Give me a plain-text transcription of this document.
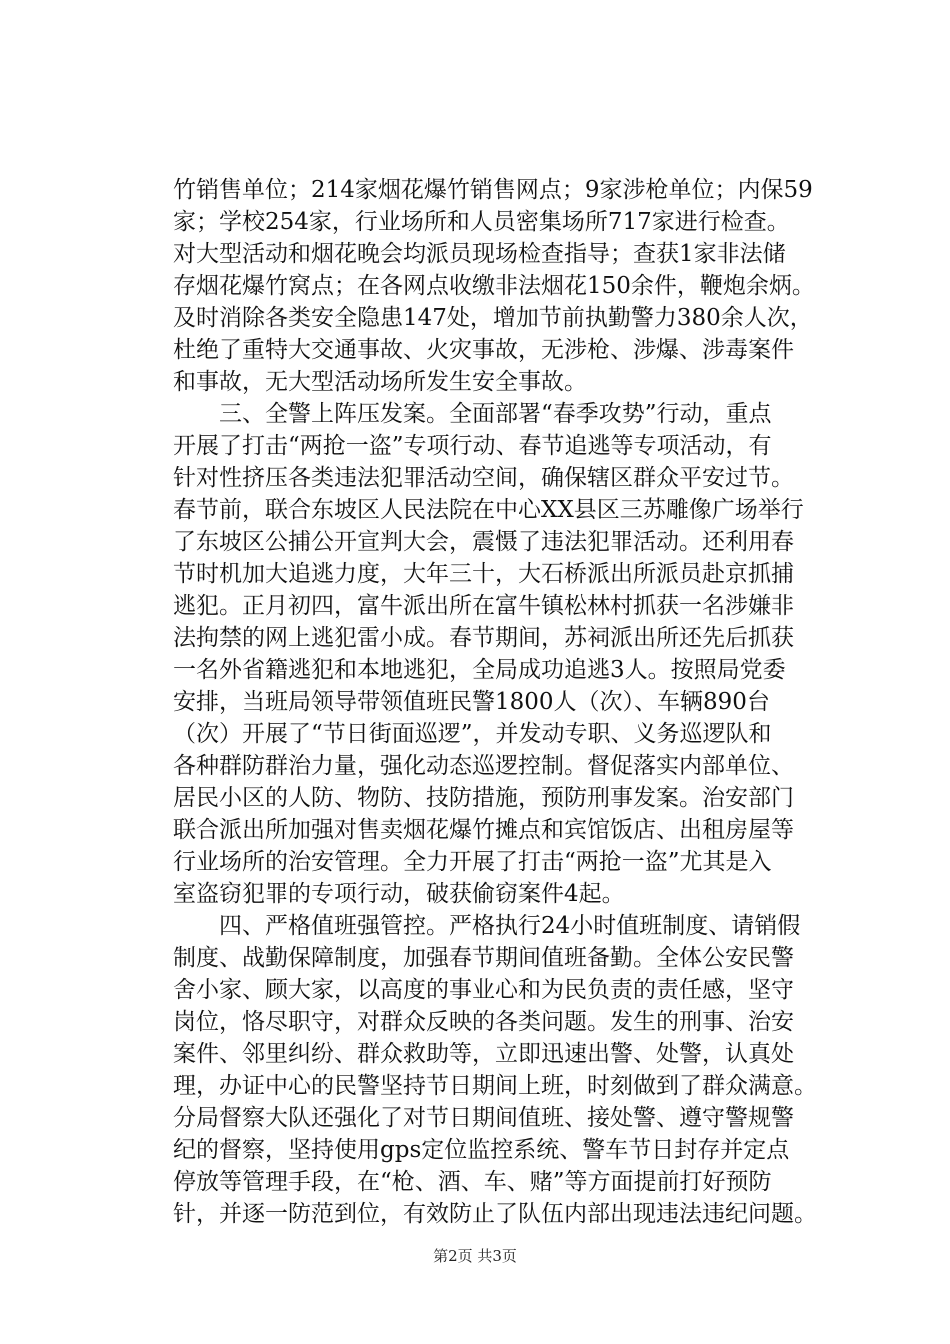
竹销售单位；214家烟花爆竹销售网点；9家涉枪单位；内保59
家；学校254家，行业场所和人员密集场所717家进行检查。
对大型活动和烟花晚会均派员现场检查指导；查获1家非法储
存烟花爆竹窝点；在各网点收缴非法烟花150余件，鞭炮余炳。
及时消除各类安全隐患147处，增加节前执勤警力380余人次，
杜绝了重特大交通事故、火灾事故，无涉枪、涉爆、涉毒案件
和事故，无大型活动场所发生安全事故。
三、全警上阵压发案。全面部署“春季攻势”行动，重点
开展了打击“两抢一盗”专项行动、春节追逃等专项活动，有
针对性挤压各类违法犯罪活动空间，确保辖区群众平安过节。
春节前，联合东坡区人民法院在中心XX县区三苏雕像广场举行
了东坡区公捕公开宣判大会，震慑了违法犯罪活动。还利用春
节时机加大追逃力度，大年三十，大石桥派出所派员赴京抓捕
逃犯。正月初四，富牛派出所在富牛镇松林村抓获一名涉嫌非
法拘禁的网上逃犯雷小成。春节期间，苏祠派出所还先后抓获
一名外省籍逃犯和本地逃犯，全局成功追逃3人。按照局党委
安排，当班局领导带领值班民警1800人（次）、车辆890台
（次）开展了“节日街面巡逻”，并发动专职、义务巡逻队和
各种群防群治力量，强化动态巡逻控制。督促落实内部单位、
居民小区的人防、物防、技防措施，预防刑事发案。治安部门
联合派出所加强对售卖烟花爆竹摊点和宾馆饭店、出租房屋等
行业场所的治安管理。全力开展了打击“两抢一盗”尤其是入
室盗窃犯罪的专项行动，破获偷窃案件4起。
四、严格值班强管控。严格执行24小时值班制度、请销假
制度、战勤保障制度，加强春节期间值班备勤。全体公安民警
舍小家、顾大家，以高度的事业心和为民负责的责任感，坚守
岗位，恪尽职守，对群众反映的各类问题。发生的刑事、治安
案件、邻里纠纷、群众救助等，立即迅速出警、处警，认真处
理，办证中心的民警坚持节日期间上班，时刻做到了群众满意。
分局督察大队还强化了对节日期间值班、接处警、遵守警规警
纪的督察，坚持使用gps定位监控系统、警车节日封存并定点
停放等管理手段，在“枪、酒、车、赌”等方面提前打好预防
针，并逐一防范到位，有效防止了队伍内部出现违法违纪问题。
第2页 共3页
